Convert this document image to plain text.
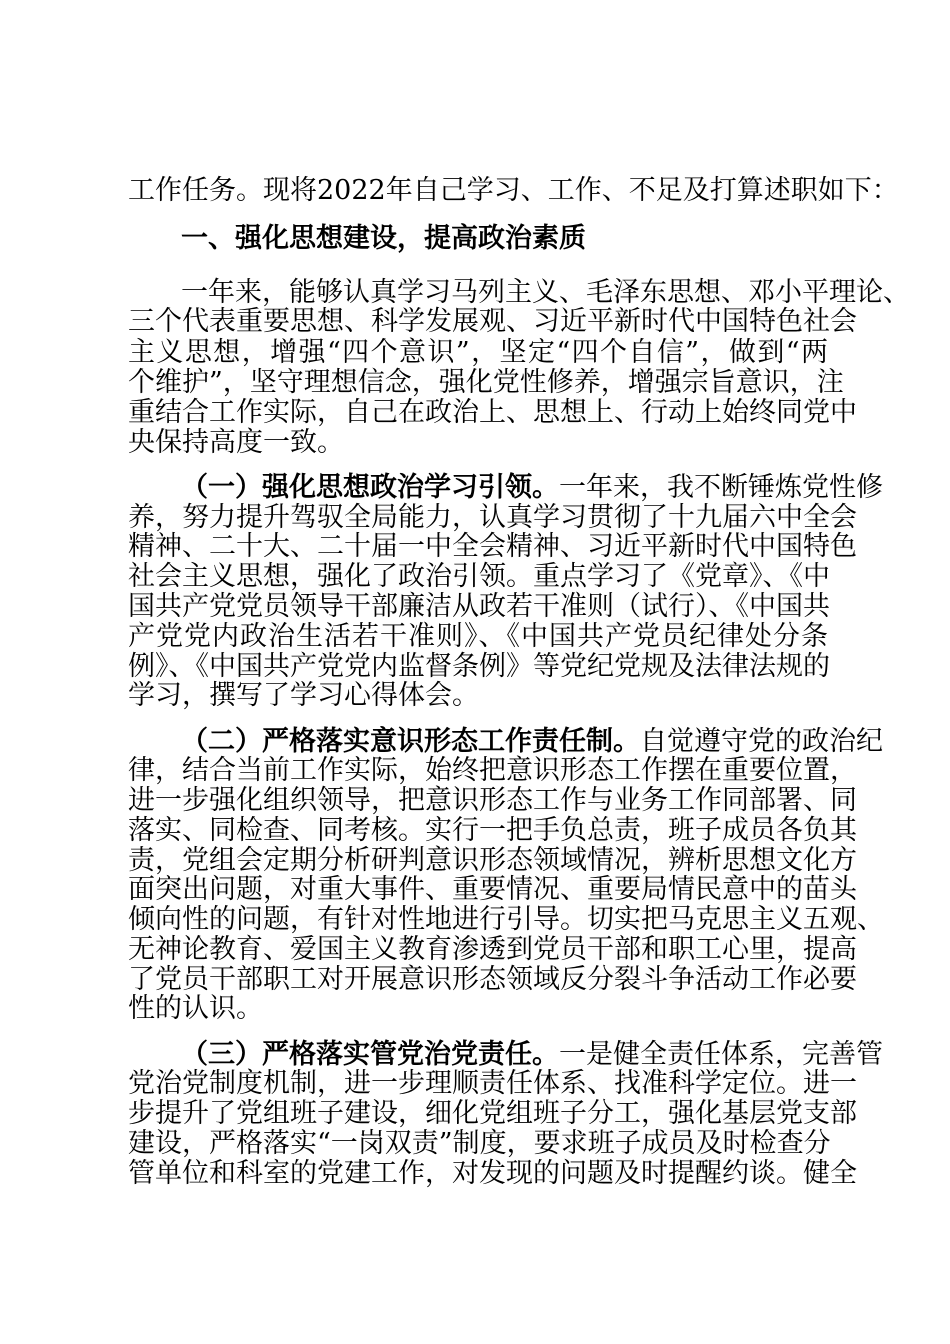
工作任务。现将2022年自己学习、工作、不足及打算述职如下：
一、强化思想建设，提高政治素质
一年来，能够认真学习马列主义、毛泽东思想、邓小平理论、
三个代表重要思想、科学发展观、习近平新时代中国特色社会
主义思想，增强“四个意识”，坚定“四个自信”，做到“两
个维护”，坚守理想信念，强化党性修养，增强宗旨意识，注
重结合工作实际，自己在政治上、思想上、行动上始终同党中
央保持高度一致。
（一）强化思想政治学习引领。一年来，我不断锤炼党性修
养，努力提升驾驭全局能力，认真学习贯彻了十九届六中全会
精神、二十大、二十届一中全会精神、习近平新时代中国特色
社会主义思想，强化了政治引领。重点学习了《党章》、《中
国共产党党员领导干部廉洁从政若干准则（试行）、《中国共
产党党内政治生活若干准则》、《中国共产党员纪律处分条
例》、《中国共产党党内监督条例》等党纪党规及法律法规的
学习，撰写了学习心得体会。
（二）严格落实意识形态工作责任制。自觉遵守党的政治纪
律，结合当前工作实际，始终把意识形态工作摆在重要位置，
进一步强化组织领导，把意识形态工作与业务工作同部署、同
落实、同检查、同考核。实行一把手负总责，班子成员各负其
责，党组会定期分析研判意识形态领域情况，辨析思想文化方
面突出问题，对重大事件、重要情况、重要局情民意中的苗头
倾向性的问题，有针对性地进行引导。切实把马克思主义五观、
无神论教育、爱国主义教育渗透到党员干部和职工心里，提高
了党员干部职工对开展意识形态领域反分裂斗争活动工作必要
性的认识。
（三）严格落实管党治党责任。一是健全责任体系，完善管
党治党制度机制，进一步理顺责任体系、找准科学定位。进一
步提升了党组班子建设，细化党组班子分工，强化基层党支部
建设，严格落实“一岗双责”制度，要求班子成员及时检查分
管单位和科室的党建工作，对发现的问题及时提醒约谈。健全
